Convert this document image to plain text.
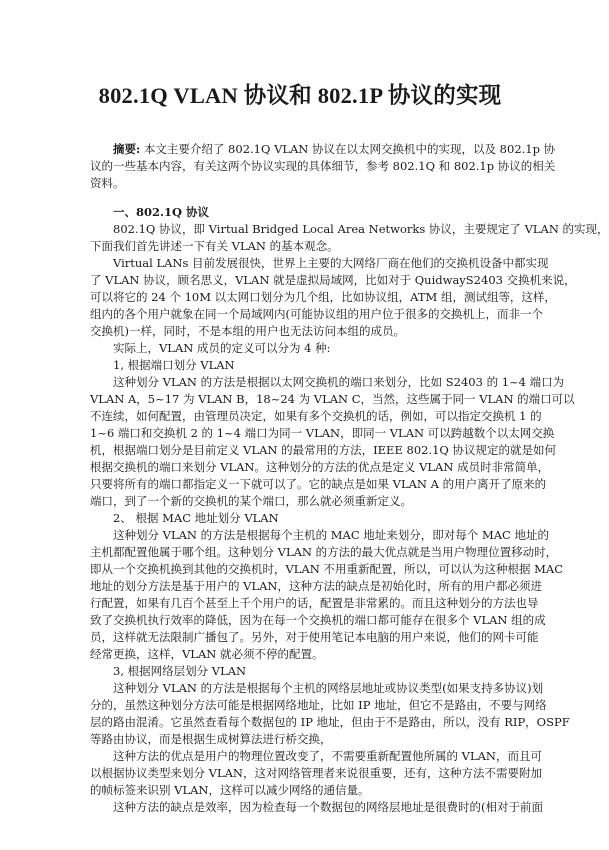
802.1Q VLAN 协议和 802.1P 协议的实现
摘要: 本文主要介绍了 802.1Q VLAN 协议在以太网交换机中的实现，以及 802.1p 协
议的一些基本内容，有关这两个协议实现的具体细节，参考 802.1Q 和 802.1p 协议的相关
资料。
一、802.1Q 协议
802.1Q 协议，即 Virtual Bridged Local Area Networks 协议，主要规定了 VLAN 的实现，
下面我们首先讲述一下有关 VLAN 的基本观念。
Virtual LANs 目前发展很快，世界上主要的大网络厂商在他们的交换机设备中都实现
了 VLAN 协议，顾名思义，VLAN 就是虚拟局域网，比如对于 QuidwayS2403 交换机来说，
可以将它的 24 个 10M 以太网口划分为几个组，比如协议组，ATM 组，测试组等，这样，
组内的各个用户就象在同一个局域网内(可能协议组的用户位于很多的交换机上，而非一个
交换机)一样，同时，不是本组的用户也无法访问本组的成员。
实际上，VLAN 成员的定义可以分为 4 种:
1, 根据端口划分 VLAN
这种划分 VLAN 的方法是根据以太网交换机的端口来划分，比如 S2403 的 1~4 端口为
VLAN A，5~17 为 VLAN B，18~24 为 VLAN C，当然，这些属于同一 VLAN 的端口可以
不连续，如何配置，由管理员决定，如果有多个交换机的话，例如，可以指定交换机 1 的
1~6 端口和交换机 2 的 1~4 端口为同一 VLAN，即同一 VLAN 可以跨越数个以太网交换
机，根据端口划分是目前定义 VLAN 的最常用的方法，IEEE 802.1Q 协议规定的就是如何
根据交换机的端口来划分 VLAN。这种划分的方法的优点是定义 VLAN 成员时非常简单，
只要将所有的端口都指定义一下就可以了。它的缺点是如果 VLAN A 的用户离开了原来的
端口，到了一个新的交换机的某个端口，那么就必须重新定义。
2、 根据 MAC 地址划分 VLAN
这种划分 VLAN 的方法是根据每个主机的 MAC 地址来划分，即对每个 MAC 地址的
主机都配置他属于哪个组。这种划分 VLAN 的方法的最大优点就是当用户物理位置移动时，
即从一个交换机换到其他的交换机时，VLAN 不用重新配置，所以，可以认为这种根据 MAC
地址的划分方法是基于用户的 VLAN，这种方法的缺点是初始化时，所有的用户都必须进
行配置，如果有几百个甚至上千个用户的话，配置是非常累的。而且这种划分的方法也导
致了交换机执行效率的降低，因为在每一个交换机的端口都可能存在很多个 VLAN 组的成
员，这样就无法限制广播包了。另外，对于使用笔记本电脑的用户来说，他们的网卡可能
经常更换，这样，VLAN 就必须不停的配置。
3, 根据网络层划分 VLAN
这种划分 VLAN 的方法是根据每个主机的网络层地址或协议类型(如果支持多协议)划
分的，虽然这种划分方法可能是根据网络地址，比如 IP 地址，但它不是路由，不要与网络
层的路由混淆。它虽然查看每个数据包的 IP 地址，但由于不是路由，所以，没有 RIP，OSPF
等路由协议，而是根据生成树算法进行桥交换，
这种方法的优点是用户的物理位置改变了，不需要重新配置他所属的 VLAN，而且可
以根据协议类型来划分 VLAN，这对网络管理者来说很重要，还有，这种方法不需要附加
的帧标签来识别 VLAN，这样可以减少网络的通信量。
这种方法的缺点是效率，因为检查每一个数据包的网络层地址是很费时的(相对于前面
